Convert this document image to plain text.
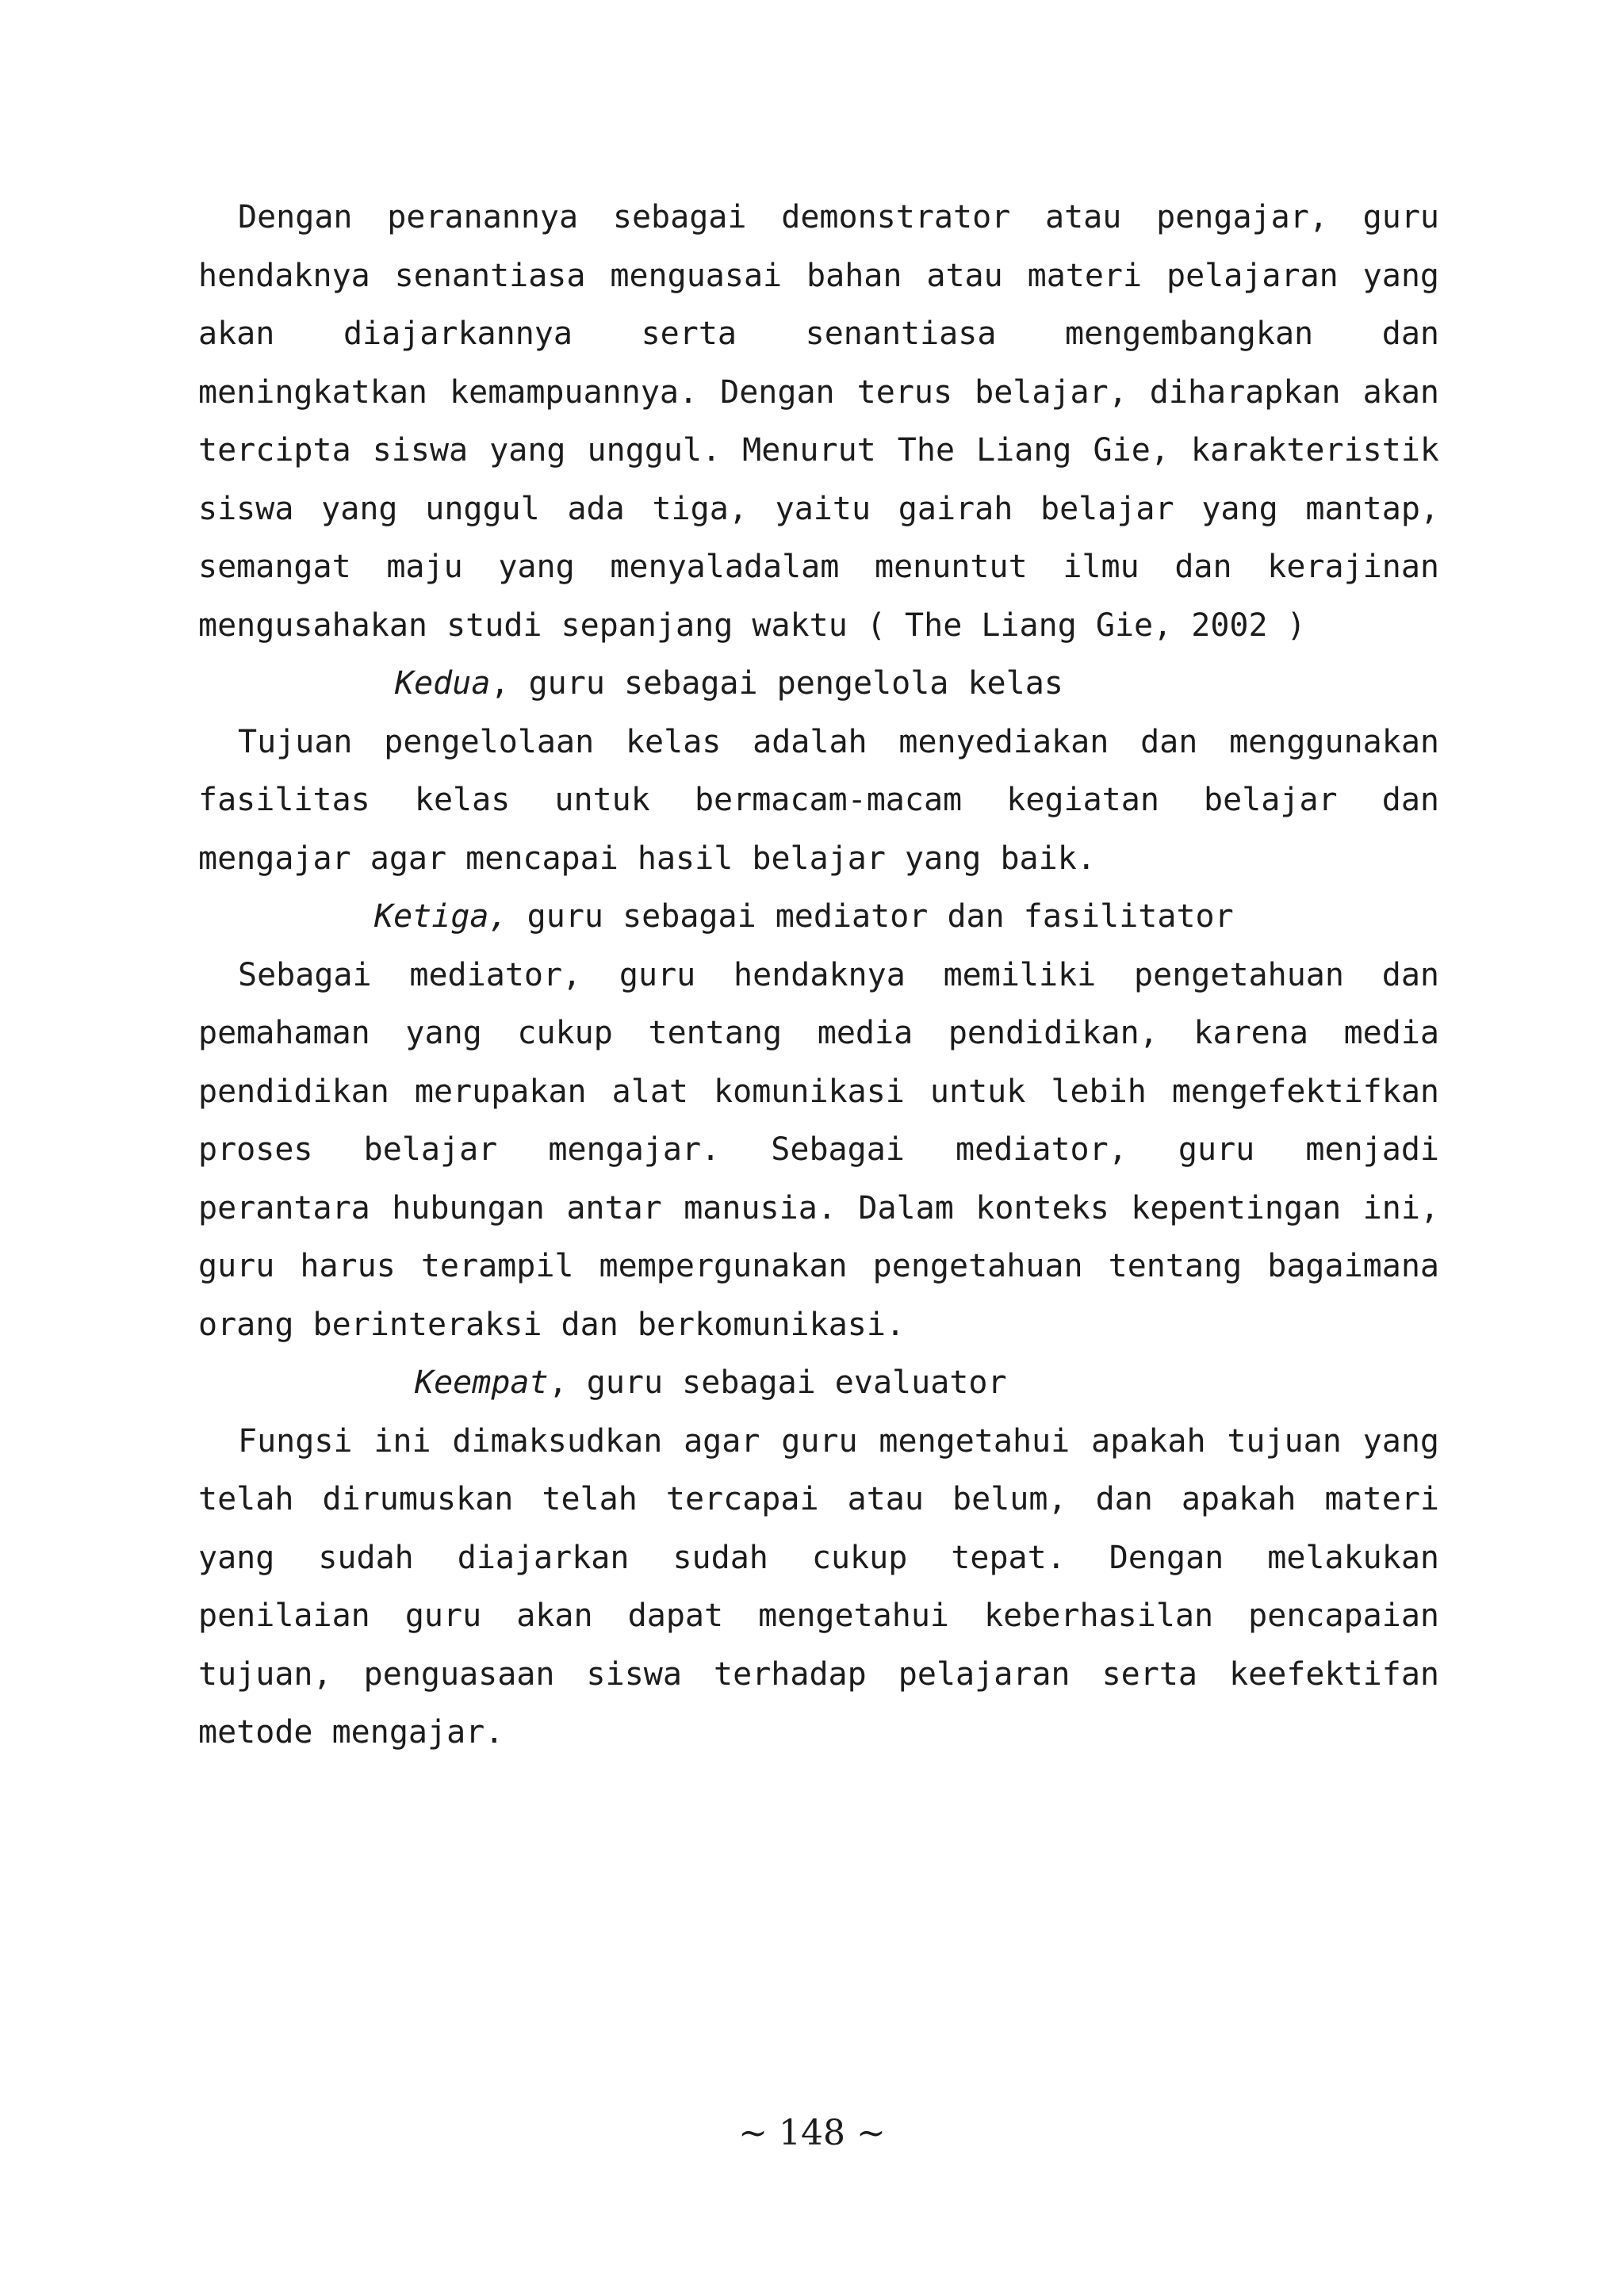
Dengan peranannya sebagai demonstrator atau pengajar, guru hendaknya senantiasa menguasai bahan atau materi pelajaran yang akan diajarkannya serta senantiasa mengembangkan dan meningkatkan kemampuannya. Dengan terus belajar, diharapkan akan tercipta siswa yang unggul. Menurut The Liang Gie, karakteristik siswa yang unggul ada tiga, yaitu gairah belajar yang mantap, semangat maju yang menyaladalam menuntut ilmu dan kerajinan mengusahakan studi sepanjang waktu ( The Liang Gie, 2002 )

Kedua, guru sebagai pengelola kelas

Tujuan pengelolaan kelas adalah menyediakan dan menggunakan fasilitas kelas untuk bermacam-macam kegiatan belajar dan mengajar agar mencapai hasil belajar yang baik.

Ketiga, guru sebagai mediator dan fasilitator

Sebagai mediator, guru hendaknya memiliki pengetahuan dan pemahaman yang cukup tentang media pendidikan, karena media pendidikan merupakan alat komunikasi untuk lebih mengefektifkan proses belajar mengajar. Sebagai mediator, guru menjadi perantara hubungan antar manusia. Dalam konteks kepentingan ini, guru harus terampil mempergunakan pengetahuan tentang bagaimana orang berinteraksi dan berkomunikasi.

Keempat, guru sebagai evaluator

Fungsi ini dimaksudkan agar guru mengetahui apakah tujuan yang telah dirumuskan telah tercapai atau belum, dan apakah materi yang sudah diajarkan sudah cukup tepat. Dengan melakukan penilaian guru akan dapat mengetahui keberhasilan pencapaian tujuan, penguasaan siswa terhadap pelajaran serta keefektifan metode mengajar.

~ 148 ~
